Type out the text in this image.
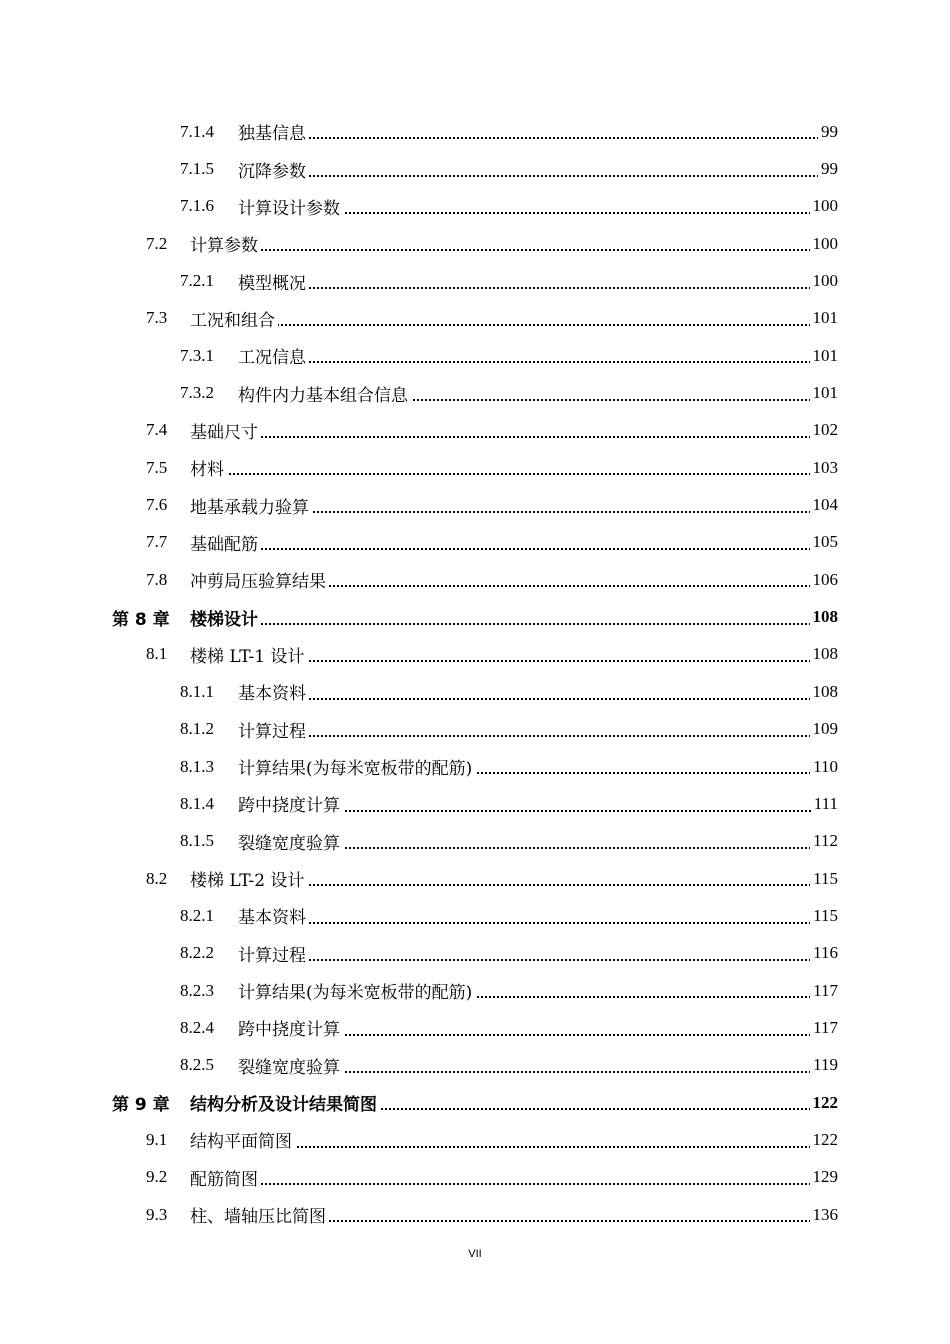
7.1.4 独基信息	99
7.1.5 沉降参数	99
7.1.6 计算设计参数	100
7.2 计算参数	100
7.2.1 模型概况	100
7.3 工况和组合	101
7.3.1 工况信息	101
7.3.2 构件内力基本组合信息	101
7.4 基础尺寸	102
7.5 材料	103
7.6 地基承载力验算	104
7.7 基础配筋	105
7.8 冲剪局压验算结果	106
第 8 章 楼梯设计	108
8.1 楼梯 LT-1 设计	108
8.1.1 基本资料	108
8.1.2 计算过程	109
8.1.3 计算结果(为每米宽板带的配筋)	110
8.1.4 跨中挠度计算	111
8.1.5 裂缝宽度验算	112
8.2 楼梯 LT-2 设计	115
8.2.1 基本资料	115
8.2.2 计算过程	116
8.2.3 计算结果(为每米宽板带的配筋)	117
8.2.4 跨中挠度计算	117
8.2.5 裂缝宽度验算	119
第 9 章 结构分析及设计结果简图	122
9.1 结构平面简图	122
9.2 配筋简图	129
9.3 柱、墙轴压比简图	136
VII
